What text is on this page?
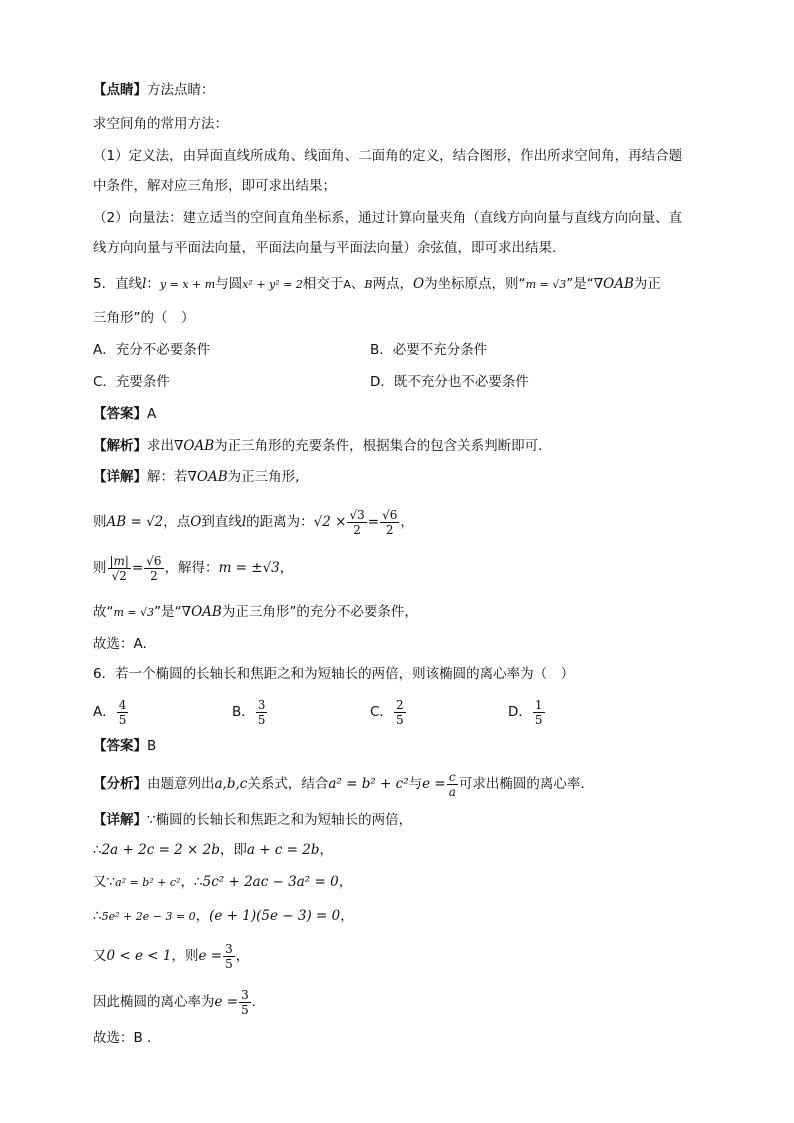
【点睛】方法点睛：
求空间角的常用方法：
（1）定义法，由异面直线所成角、线面角、二面角的定义，结合图形，作出所求空间角，再结合题
中条件，解对应三角形，即可求出结果；
（2）向量法：建立适当的空间直角坐标系，通过计算向量夹角（直线方向向量与直线方向向量、直
线方向向量与平面法向量，平面法向量与平面法向量）余弦值，即可求出结果.
5．直线l：y = x + m与圆x² + y² = 2相交于A、B两点，O为坐标原点，则“m = √3”是“∇OAB为正
三角形”的（　）
A．充分不必要条件	B．必要不充分条件
C．充要条件	D．既不充分也不必要条件
【答案】A
【解析】求出∇OAB为正三角形的充要条件，根据集合的包含关系判断即可.
【详解】解：若∇OAB为正三角形,
则AB = √2，点O到直线l的距离为：$√2 \times \frac{√3}{2} = \frac{√6}{2}$ ，
则 $\frac{|m|}{√2} = \frac{√6}{2}$ ，解得：m = ±√3，
故“m = √3”是“∇OAB为正三角形”的充分不必要条件，
故选：A.
6．若一个椭圆的长轴长和焦距之和为短轴长的两倍，则该椭圆的离心率为（　）
A． $\frac{4}{5}$	B． $\frac{3}{5}$	C． $\frac{2}{5}$	D． $\frac{1}{5}$
【答案】B
【分析】由题意列出a,b,c关系式，结合a² = b² + c²与$e = \frac{c}{a}$ 可求出椭圆的离心率.
【详解】∵椭圆的长轴长和焦距之和为短轴长的两倍，
∴2a + 2c = 2 × 2b，即a + c = 2b，
又∵a² = b² + c²，∴5c² + 2ac − 3a² = 0，
∴5e² + 2e − 3 = 0，(e + 1)(5e − 3) = 0，
又0 < e < 1，则$e = \frac{3}{5}$ ，
因此椭圆的离心率为$e = \frac{3}{5}$ .
故选：B .
